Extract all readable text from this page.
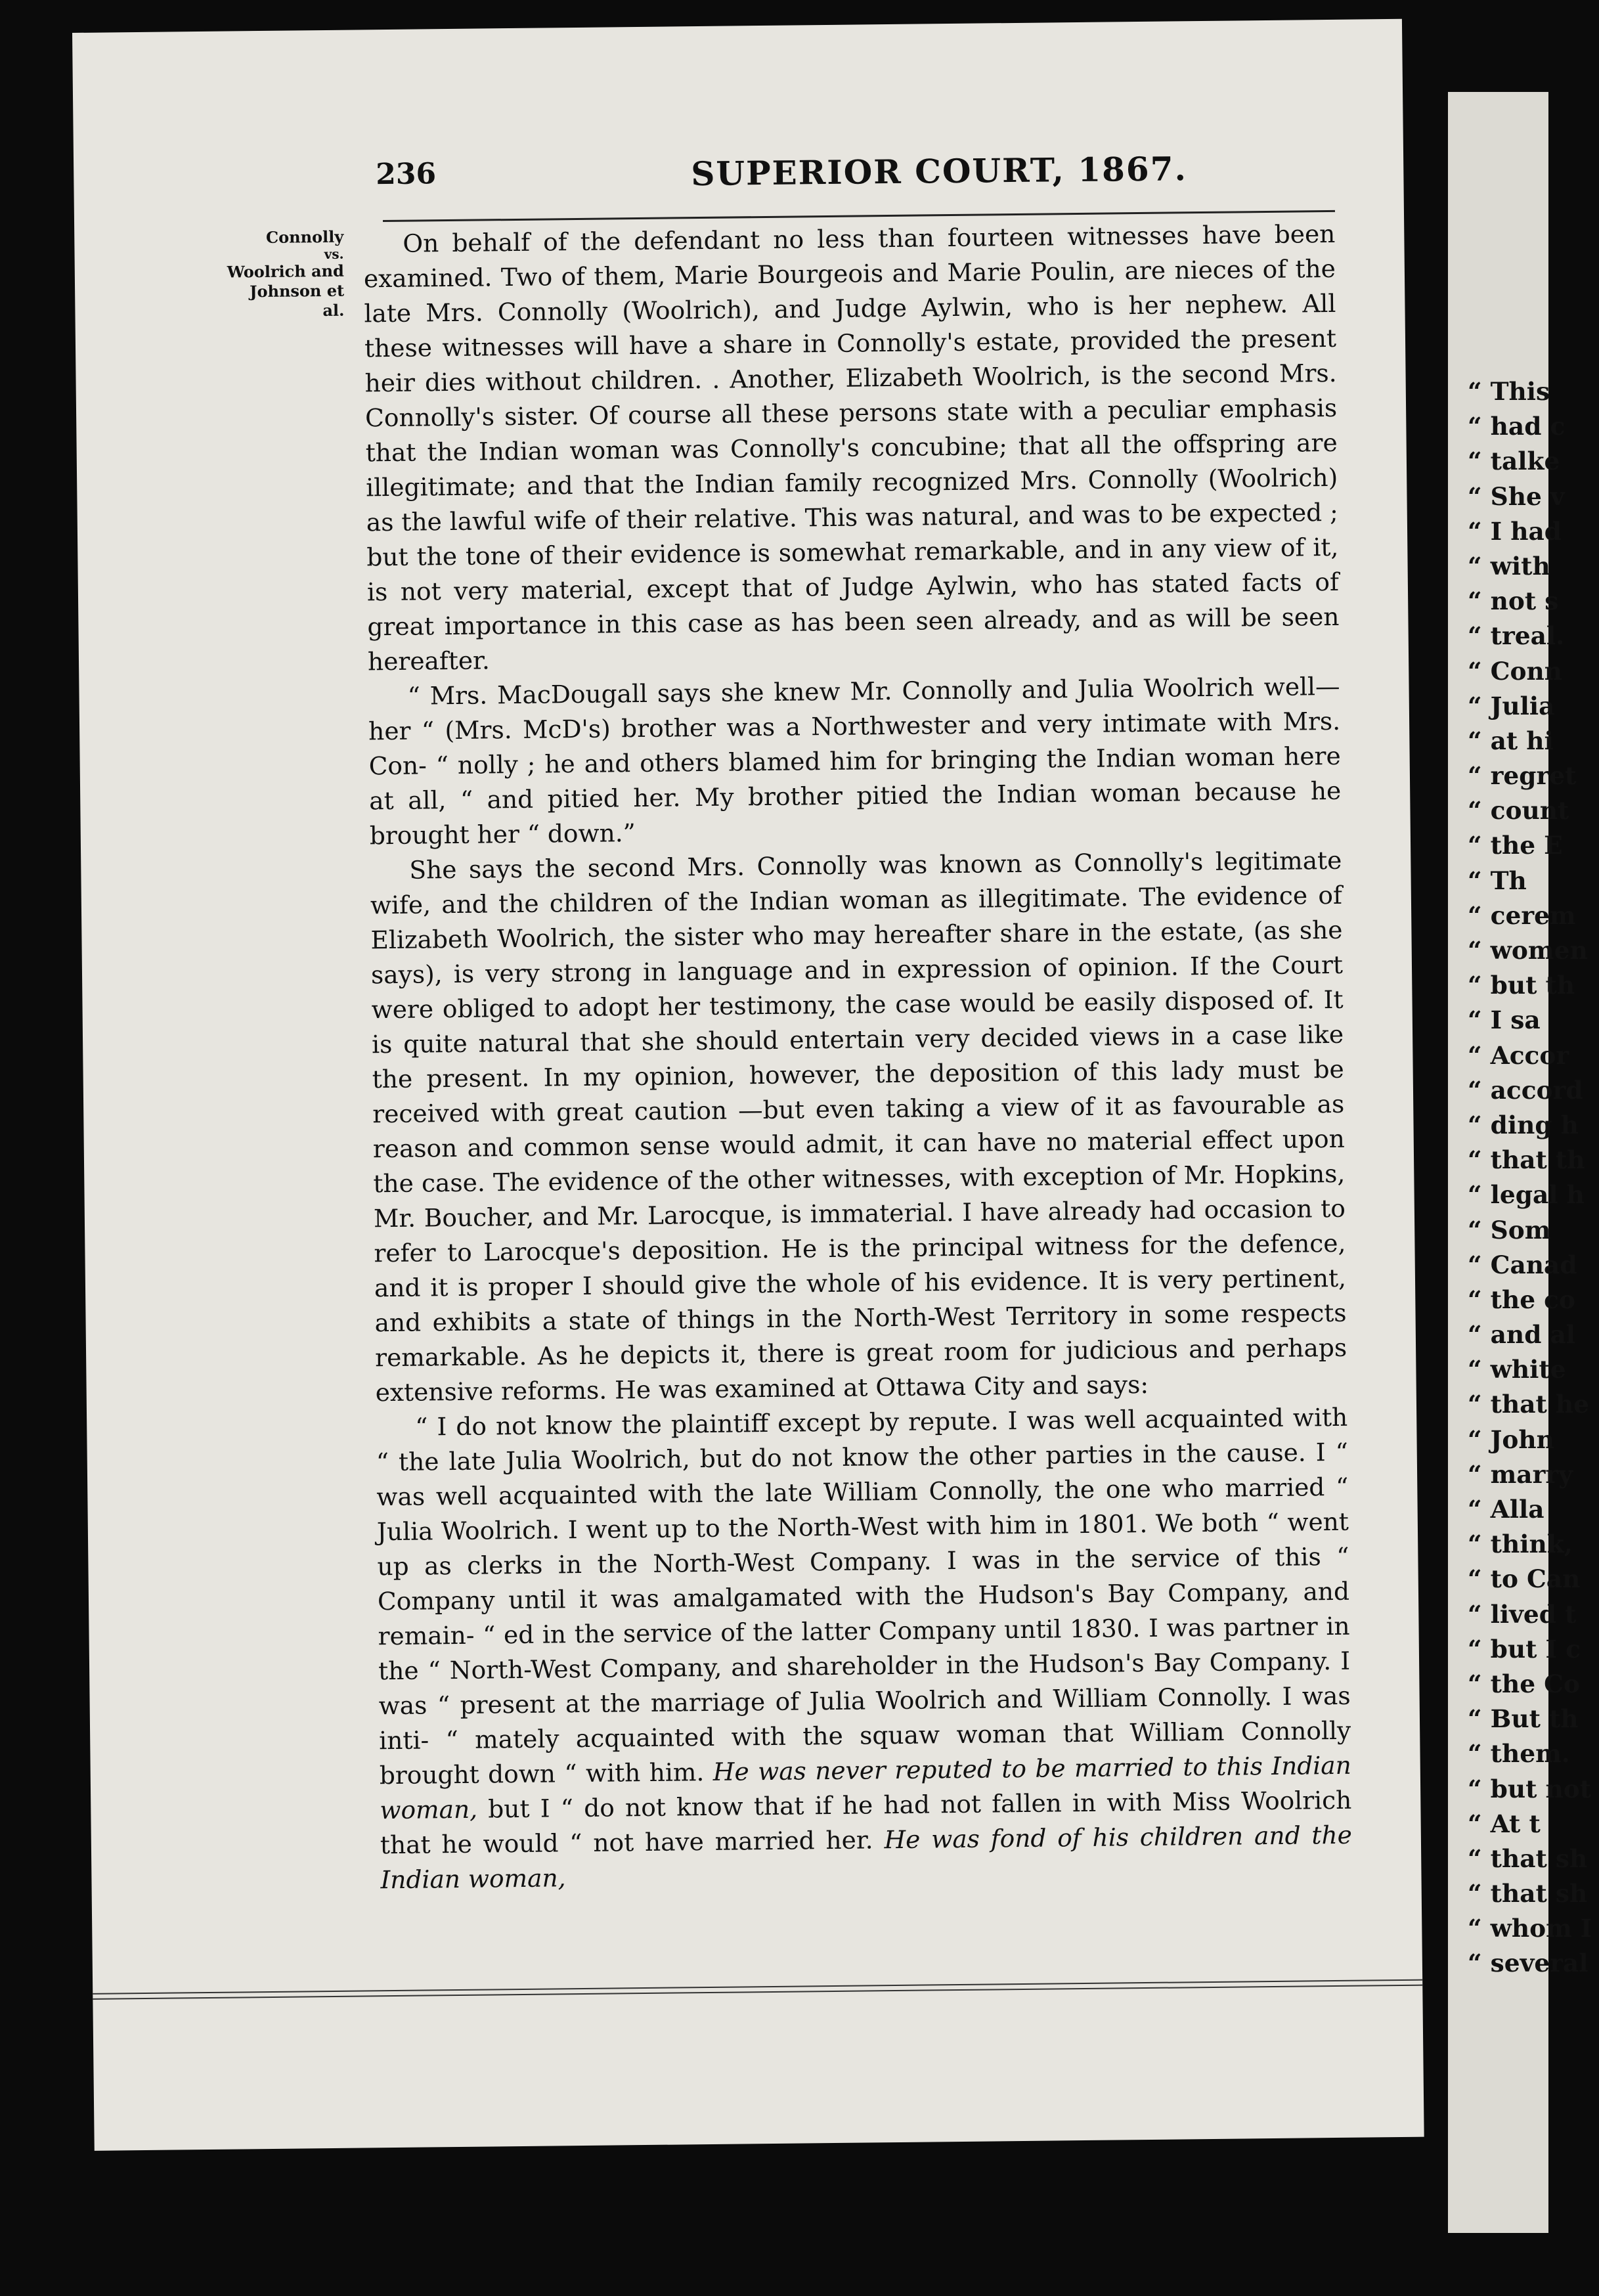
236	SUPERIOR COURT, 1867.
Connolly
vs.
Woolrich and
Johnson et al.

On behalf of the defendant no less than fourteen witnesses have been examined. Two of them, Marie Bourgeois and Marie Poulin, are nieces of the late Mrs. Connolly (Woolrich), and Judge Aylwin, who is her nephew. All these witnesses will have a share in Connolly's estate, provided the present heir dies without children. . Another, Elizabeth Woolrich, is the second Mrs. Connolly's sister. Of course all these persons state with a peculiar emphasis that the Indian woman was Connolly's concubine; that all the offspring are illegitimate; and that the Indian family recognized Mrs. Connolly (Woolrich) as the lawful wife of their relative. This was natural, and was to be expected ; but the tone of their evidence is somewhat remarkable, and in any view of it, is not very material, except that of Judge Aylwin, who has stated facts of great importance in this case as has been seen already, and as will be seen hereafter.

“ Mrs. MacDougall says she knew Mr. Connolly and Julia Woolrich well—her “ (Mrs. McD's) brother was a Northwester and very intimate with Mrs. Con- “ nolly ; he and others blamed him for bringing the Indian woman here at all, “ and pitied her. My brother pitied the Indian woman because he brought her “ down.”

She says the second Mrs. Connolly was known as Connolly's legitimate wife, and the children of the Indian woman as illegitimate. The evidence of Elizabeth Woolrich, the sister who may hereafter share in the estate, (as she says), is very strong in language and in expression of opinion. If the Court were obliged to adopt her testimony, the case would be easily disposed of. It is quite natural that she should entertain very decided views in a case like the present. In my opinion, however, the deposition of this lady must be received with great caution —but even taking a view of it as favourable as reason and common sense would admit, it can have no material effect upon the case. The evidence of the other witnesses, with exception of Mr. Hopkins, Mr. Boucher, and Mr. Larocque, is immaterial. I have already had occasion to refer to Larocque's deposition. He is the principal witness for the defence, and it is proper I should give the whole of his evidence. It is very pertinent, and exhibits a state of things in the North-West Territory in some respects remarkable. As he depicts it, there is great room for judicious and perhaps extensive reforms. He was examined at Ottawa City and says:

“ I do not know the plaintiff except by repute. I was well acquainted with “ the late Julia Woolrich, but do not know the other parties in the cause. I “ was well acquainted with the late William Connolly, the one who married “ Julia Woolrich. I went up to the North-West with him in 1801. We both “ went up as clerks in the North-West Company. I was in the service of this “ Company until it was amalgamated with the Hudson's Bay Company, and remain- “ ed in the service of the latter Company until 1830. I was partner in the “ North-West Company, and shareholder in the Hudson's Bay Company. I was “ present at the marriage of Julia Woolrich and William Connolly. I was inti- “ mately acquainted with the squaw woman that William Connolly brought down “ with him. He was never reputed to be married to this Indian woman, but I “ do not know that if he had not fallen in with Miss Woolrich that he would “ not have married her. He was fond of his children and the Indian woman,

“ This
“ had c
“ talke
“ She v
“ I had
“ with
“ not s
“ treal.
“ Conn
“ Julia
“ at hi
“ regret
“ count
“ the E
“ Th
“ cerem
“ women
“ but th
“ I sa
“ Accor
“ accord
“ ding h
“ that th
“ legal h
“ Som
“ Canad
“ the co
“ and al
“ white
“ that he
“ John
“ marry
“ Alla
“ think,
“ to Can
“ lived t
“ but I c
“ the Co
“ But th
“ them.
“ but not
“ At t
“ that sh
“ that sh
“ whom I
“ several
